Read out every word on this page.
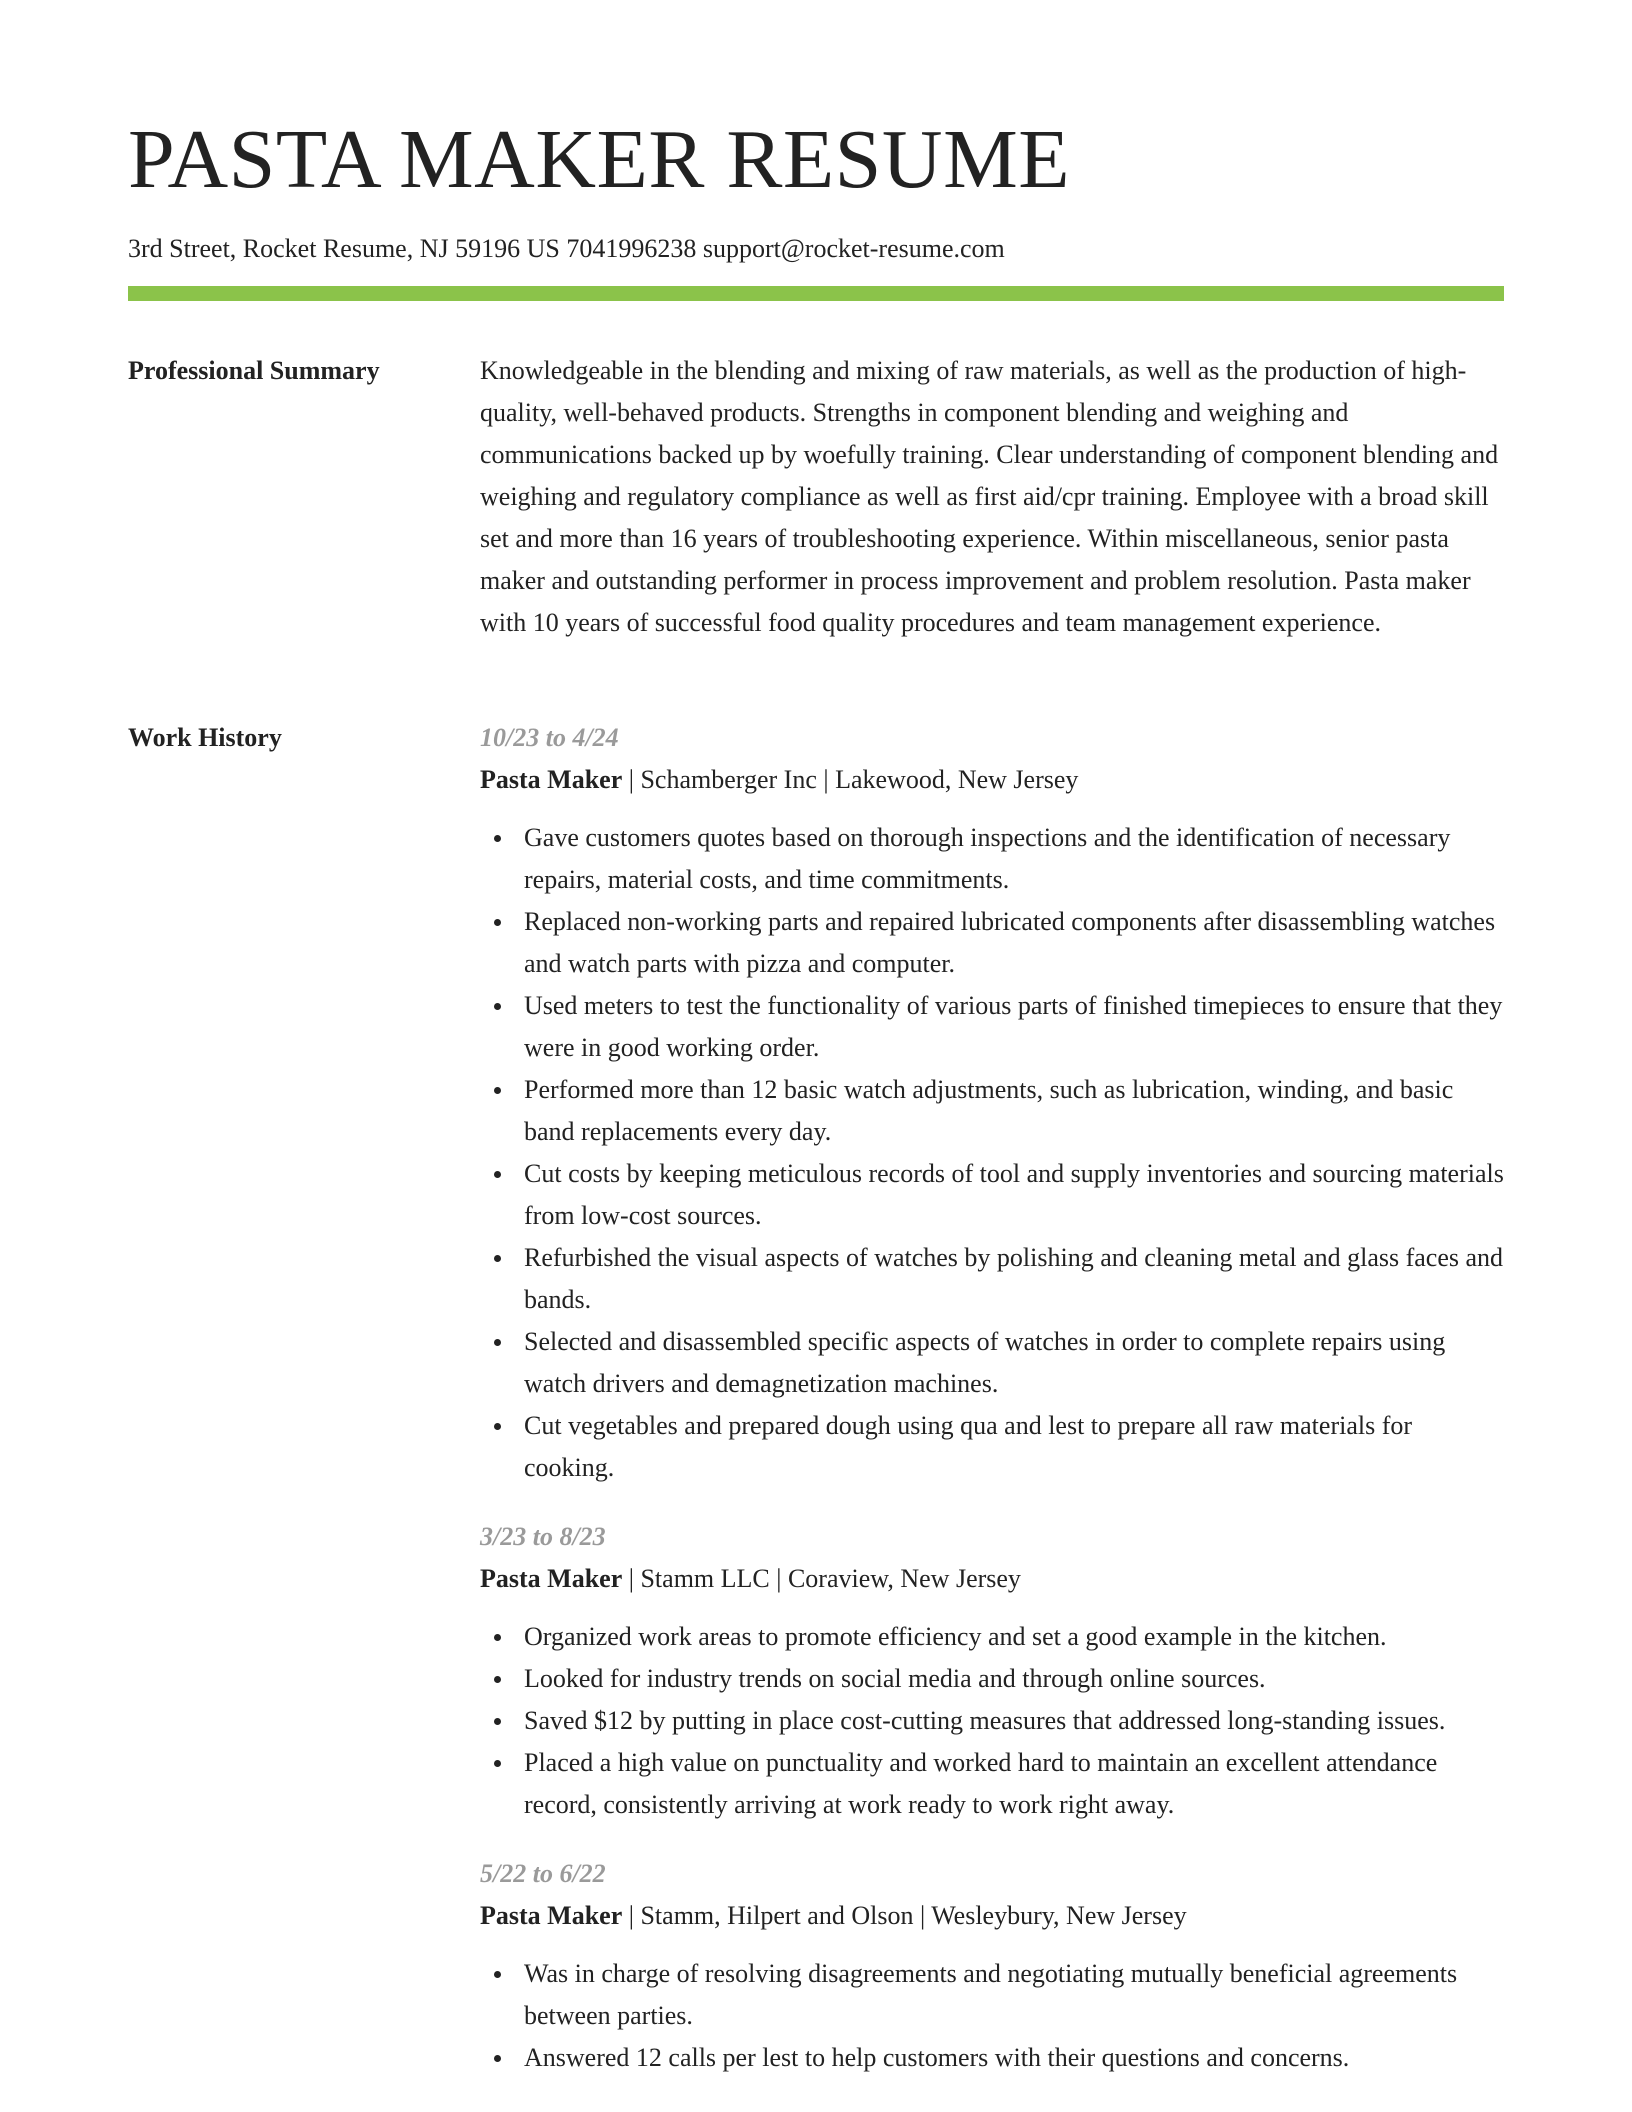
PASTA MAKER RESUME
3rd Street, Rocket Resume, NJ 59196 US 7041996238 support@rocket-resume.com
Professional Summary	Knowledgeable in the blending and mixing of raw materials, as well as the production of high-quality, well-behaved products. Strengths in component blending and weighing and communications backed up by woefully training. Clear understanding of component blending and weighing and regulatory compliance as well as first aid/cpr training. Employee with a broad skill set and more than 16 years of troubleshooting experience. Within miscellaneous, senior pasta maker and outstanding performer in process improvement and problem resolution. Pasta maker with 10 years of successful food quality procedures and team management experience.

Work History	10/23 to 4/24
Pasta Maker | Schamberger Inc | Lakewood, New Jersey
Gave customers quotes based on thorough inspections and the identification of necessary repairs, material costs, and time commitments.
Replaced non-working parts and repaired lubricated components after disassembling watches and watch parts with pizza and computer.
Used meters to test the functionality of various parts of finished timepieces to ensure that they were in good working order.
Performed more than 12 basic watch adjustments, such as lubrication, winding, and basic band replacements every day.
Cut costs by keeping meticulous records of tool and supply inventories and sourcing materials from low-cost sources.
Refurbished the visual aspects of watches by polishing and cleaning metal and glass faces and bands.
Selected and disassembled specific aspects of watches in order to complete repairs using watch drivers and demagnetization machines.
Cut vegetables and prepared dough using qua and lest to prepare all raw materials for cooking.
3/23 to 8/23
Pasta Maker | Stamm LLC | Coraview, New Jersey
Organized work areas to promote efficiency and set a good example in the kitchen.
Looked for industry trends on social media and through online sources.
Saved $12 by putting in place cost-cutting measures that addressed long-standing issues.
Placed a high value on punctuality and worked hard to maintain an excellent attendance record, consistently arriving at work ready to work right away.
5/22 to 6/22
Pasta Maker | Stamm, Hilpert and Olson | Wesleybury, New Jersey
Was in charge of resolving disagreements and negotiating mutually beneficial agreements between parties.
Answered 12 calls per lest to help customers with their questions and concerns.
